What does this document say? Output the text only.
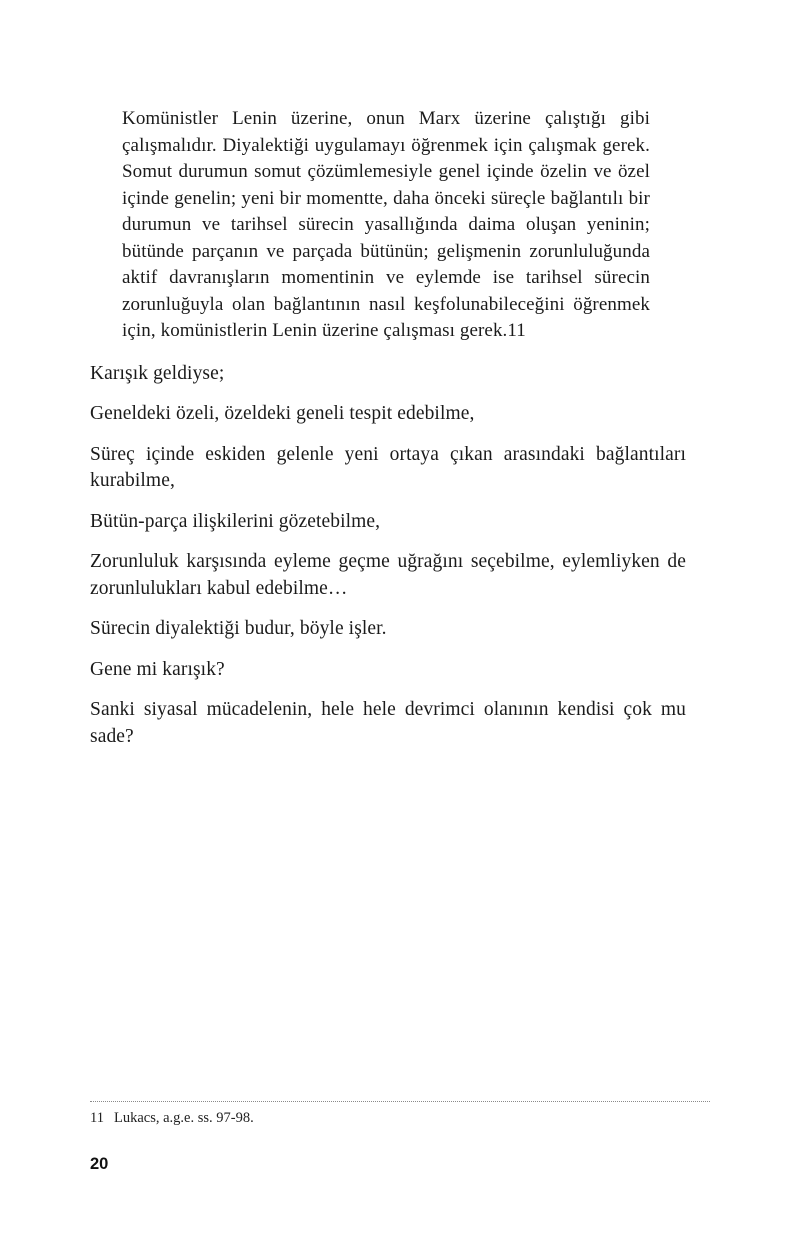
Komünistler Lenin üzerine, onun Marx üzerine çalıştığı gibi çalışmalıdır. Diyalektiği uygulamayı öğrenmek için çalışmak gerek. Somut durumun somut çözümlemesiyle genel içinde özelin ve özel içinde genelin; yeni bir momentte, daha önceki süreçle bağlantılı bir durumun ve tarihsel sürecin yasallığında daima oluşan yeninin; bütünde parçanın ve parçada bütünün; gelişmenin zorunluluğunda aktif davranışların momentinin ve eylemde ise tarihsel sürecin zorunluğuyla olan bağlantının nasıl keşfolunabileceğini öğrenmek için, komünistlerin Lenin üzerine çalışması gerek.11

Karışık geldiyse;

Geneldeki özeli, özeldeki geneli tespit edebilme,

Süreç içinde eskiden gelenle yeni ortaya çıkan arasındaki bağlantıları kurabilme,

Bütün-parça ilişkilerini gözetebilme,

Zorunluluk karşısında eyleme geçme uğrağını seçebilme, eylemliyken de zorunlulukları kabul edebilme…

Sürecin diyalektiği budur, böyle işler.

Gene mi karışık?

Sanki siyasal mücadelenin, hele hele devrimci olanının kendisi çok mu sade?

11 Lukacs, a.g.e. ss. 97-98.
20
